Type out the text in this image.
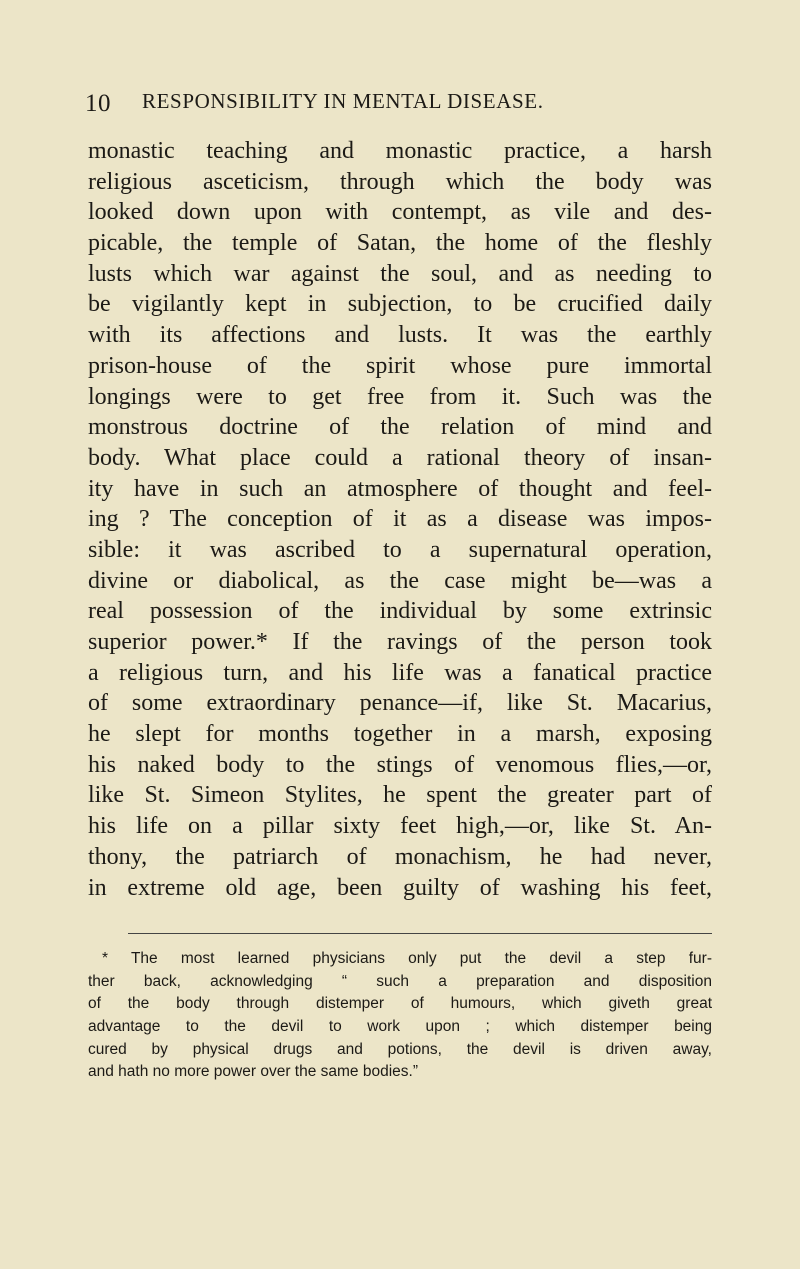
10 RESPONSIBILITY IN MENTAL DISEASE.
monastic teaching and monastic practice, a harsh
religious asceticism, through which the body was
looked down upon with contempt, as vile and des-
picable, the temple of Satan, the home of the fleshly
lusts which war against the soul, and as needing to
be vigilantly kept in subjection, to be crucified daily
with its affections and lusts. It was the earthly
prison-house of the spirit whose pure immortal
longings were to get free from it. Such was the
monstrous doctrine of the relation of mind and
body. What place could a rational theory of insan-
ity have in such an atmosphere of thought and feel-
ing ? The conception of it as a disease was impos-
sible: it was ascribed to a supernatural operation,
divine or diabolical, as the case might be—was a
real possession of the individual by some extrinsic
superior power.* If the ravings of the person took
a religious turn, and his life was a fanatical practice
of some extraordinary penance—if, like St. Macarius,
he slept for months together in a marsh, exposing
his naked body to the stings of venomous flies,—or,
like St. Simeon Stylites, he spent the greater part of
his life on a pillar sixty feet high,—or, like St. An-
thony, the patriarch of monachism, he had never,
in extreme old age, been guilty of washing his feet,
* The most learned physicians only put the devil a step fur-
ther back, acknowledging “ such a preparation and disposition
of the body through distemper of humours, which giveth great
advantage to the devil to work upon ; which distemper being
cured by physical drugs and potions, the devil is driven away,
and hath no more power over the same bodies.”
